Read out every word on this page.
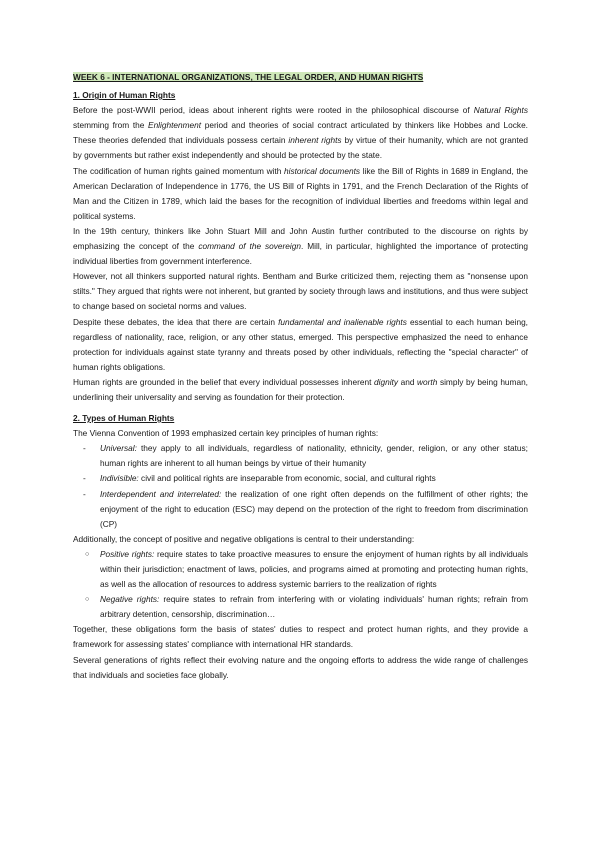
WEEK 6 - INTERNATIONAL ORGANIZATIONS, THE LEGAL ORDER, AND HUMAN RIGHTS
1. Origin of Human Rights

Before the post-WWII period, ideas about inherent rights were rooted in the philosophical discourse of Natural Rights stemming from the Enlightenment period and theories of social contract articulated by thinkers like Hobbes and Locke. These theories defended that individuals possess certain inherent rights by virtue of their humanity, which are not granted by governments but rather exist independently and should be protected by the state.

The codification of human rights gained momentum with historical documents like the Bill of Rights in 1689 in England, the American Declaration of Independence in 1776, the US Bill of Rights in 1791, and the French Declaration of the Rights of Man and the Citizen in 1789, which laid the bases for the recognition of individual liberties and freedoms within legal and political systems.

In the 19th century, thinkers like John Stuart Mill and John Austin further contributed to the discourse on rights by emphasizing the concept of the command of the sovereign. Mill, in particular, highlighted the importance of protecting individual liberties from government interference.

However, not all thinkers supported natural rights. Bentham and Burke criticized them, rejecting them as "nonsense upon stilts." They argued that rights were not inherent, but granted by society through laws and institutions, and thus were subject to change based on societal norms and values.

Despite these debates, the idea that there are certain fundamental and inalienable rights essential to each human being, regardless of nationality, race, religion, or any other status, emerged. This perspective emphasized the need to enhance protection for individuals against state tyranny and threats posed by other individuals, reflecting the "special character" of human rights obligations.

Human rights are grounded in the belief that every individual possesses inherent dignity and worth simply by being human, underlining their universality and serving as foundation for their protection.

2. Types of Human Rights

The Vienna Convention of 1993 emphasized certain key principles of human rights:

- Universal: they apply to all individuals, regardless of nationality, ethnicity, gender, religion, or any other status; human rights are inherent to all human beings by virtue of their humanity
- Indivisible: civil and political rights are inseparable from economic, social, and cultural rights
- Interdependent and interrelated: the realization of one right often depends on the fulfillment of other rights; the enjoyment of the right to education (ESC) may depend on the protection of the right to freedom from discrimination (CP)

Additionally, the concept of positive and negative obligations is central to their understanding:

○ Positive rights: require states to take proactive measures to ensure the enjoyment of human rights by all individuals within their jurisdiction; enactment of laws, policies, and programs aimed at promoting and protecting human rights, as well as the allocation of resources to address systemic barriers to the realization of rights
○ Negative rights: require states to refrain from interfering with or violating individuals' human rights; refrain from arbitrary detention, censorship, discrimination…

Together, these obligations form the basis of states' duties to respect and protect human rights, and they provide a framework for assessing states' compliance with international HR standards.

Several generations of rights reflect their evolving nature and the ongoing efforts to address the wide range of challenges that individuals and societies face globally.
